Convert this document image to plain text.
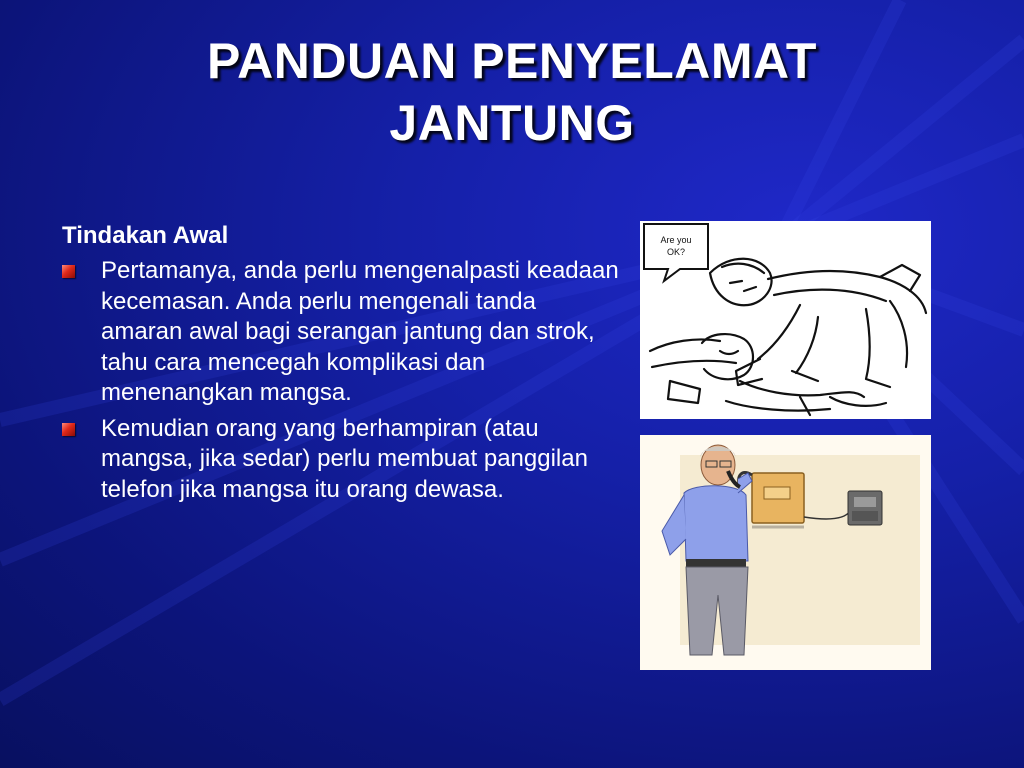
PANDUAN PENYELAMAT
JANTUNG
Tindakan Awal
Pertamanya, anda perlu mengenalpasti keadaan kecemasan. Anda perlu mengenali tanda amaran awal bagi serangan jantung dan strok, tahu cara mencegah komplikasi dan menenangkan mangsa.
Kemudian orang yang berhampiran (atau mangsa, jika sedar) perlu membuat panggilan telefon jika mangsa itu orang dewasa.
Are you
OK?
